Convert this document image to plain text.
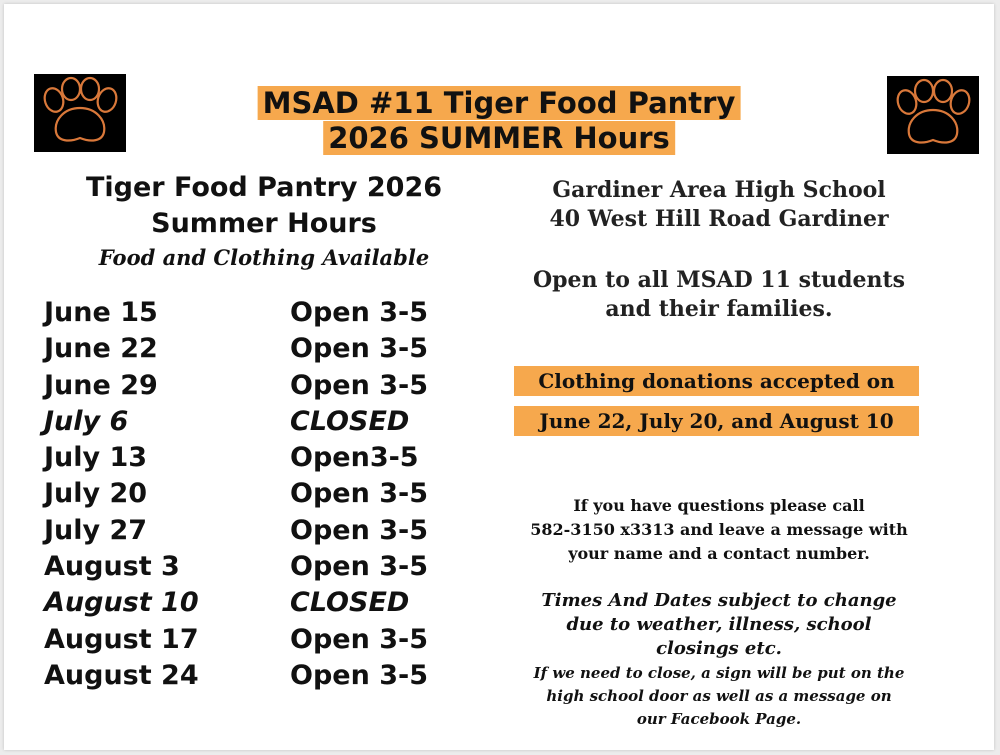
MSAD #11 Tiger Food Pantry
2026 SUMMER Hours
Tiger Food Pantry 2026
Summer Hours
Food and Clothing Available
June 15	Open 3-5
June 22	Open 3-5
June 29	Open 3-5
July 6	CLOSED
July 13	Open3-5
July 20	Open 3-5
July 27	Open 3-5
August 3	Open 3-5
August 10	CLOSED
August 17	Open 3-5
August 24	Open 3-5
Gardiner Area High School
40 West Hill Road Gardiner
Open to all MSAD 11 students
and their families.
Clothing donations accepted on
June 22, July 20, and August 10
If you have questions please call
582-3150 x3313 and leave a message with
your name and a contact number.
Times And Dates subject to change
due to weather, illness, school
closings etc.
If we need to close, a sign will be put on the
high school door as well as a message on
our Facebook Page.
